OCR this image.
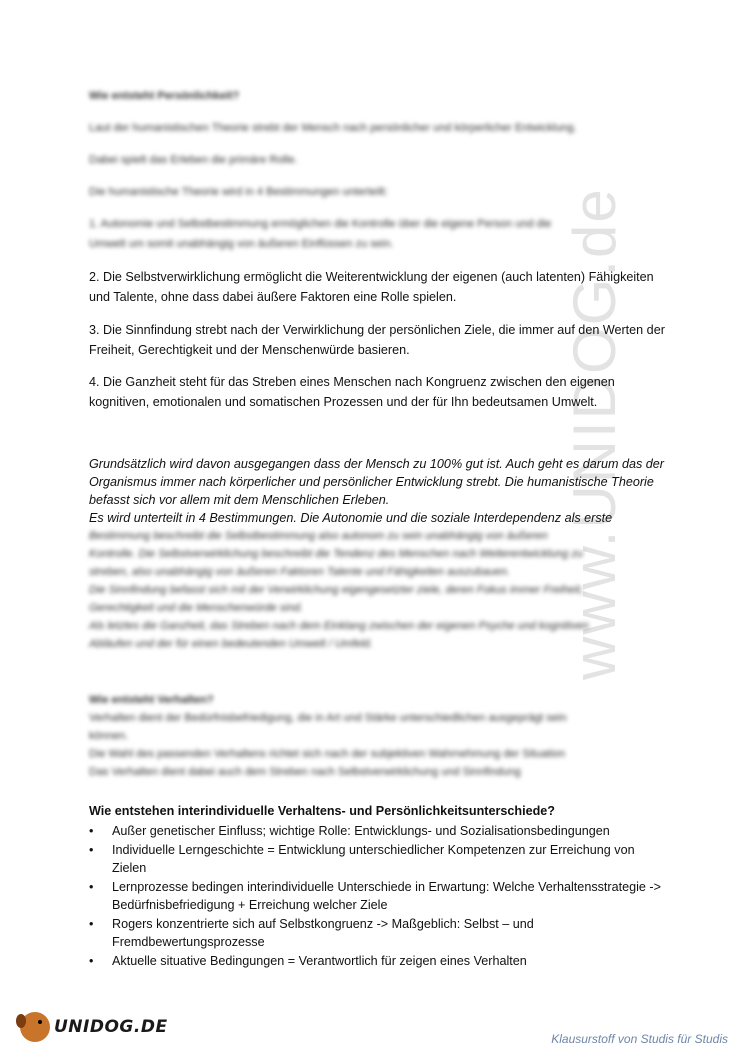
www.UNIDOG.de
Wie entsteht Persönlichkeit?
Laut der humanistischen Theorie strebt der Mensch nach persönlicher und körperlicher Entwicklung.
Dabei spielt das Erleben die primäre Rolle.
Die humanistische Theorie wird in 4 Bestimmungen unterteilt:
1. Autonomie und Selbstbestimmung ermöglichen die Kontrolle über die eigene Person und die
Umwelt um somit unabhängig von äußeren Einflüssen zu sein.

2. Die Selbstverwirklichung ermöglicht die Weiterentwicklung der eigenen (auch latenten) Fähigkeiten und Talente, ohne dass dabei äußere Faktoren eine Rolle spielen.

3. Die Sinnfindung strebt nach der Verwirklichung der persönlichen Ziele, die immer auf den Werten der Freiheit, Gerechtigkeit und der Menschenwürde basieren.

4. Die Ganzheit steht für das Streben eines Menschen nach Kongruenz zwischen den eigenen kognitiven, emotionalen und somatischen Prozessen und der für Ihn bedeutsamen Umwelt.

Grundsätzlich wird davon ausgegangen dass der Mensch zu 100% gut ist. Auch geht es darum das der Organismus immer nach körperlicher und persönlicher Entwicklung strebt. Die humanistische Theorie befasst sich vor allem mit dem Menschlichen Erleben.

Es wird unterteilt in 4 Bestimmungen. Die Autonomie und die soziale Interdependenz als erste

Bestimmung beschreibt die Selbstbestimmung also autonom zu sein unabhängig von äußeren
Kontrolle. Die Selbstverwirklichung beschreibt die Tendenz des Menschen nach Weiterentwicklung zu
streben, also unabhängig von äußeren Faktoren Talente und Fähigkeiten auszubauen.
Die Sinnfindung befasst sich mit der Verwirklichung eigengesetzter ziele, deren Fokus immer Freiheit,
Gerechtigkeit und die Menschenwürde sind.
Als letztes die Ganzheit, das Streben nach dem Einklang zwischen der eigenen Psyche und kognitiven
Abläufen und der für einen bedeutenden Umwelt / Umfeld.
Wie entsteht Verhalten?
Verhalten dient der Bedürfnisbefriedigung, die in Art und Stärke unterschiedlichen ausgeprägt sein
können.
Die Wahl des passenden Verhaltens richtet sich nach der subjektiven Wahrnehmung der Situation
Das Verhalten dient dabei auch dem Streben nach Selbstverwirklichung und Sinnfindung

Wie entstehen interindividuelle Verhaltens- und Persönlichkeitsunterschiede?

• Außer genetischer Einfluss; wichtige Rolle: Entwicklungs- und Sozialisationsbedingungen
• Individuelle Lerngeschichte = Entwicklung unterschiedlicher Kompetenzen zur Erreichung von Zielen
• Lernprozesse bedingen interindividuelle Unterschiede in Erwartung: Welche Verhaltensstrategie -> Bedürfnisbefriedigung + Erreichung welcher Ziele
• Rogers konzentrierte sich auf Selbstkongruenz -> Maßgeblich: Selbst – und Fremdbewertungsprozesse
• Aktuelle situative Bedingungen = Verantwortlich für zeigen eines Verhalten
UNIDOG.DE
Klausurstoff von Studis für Studis
